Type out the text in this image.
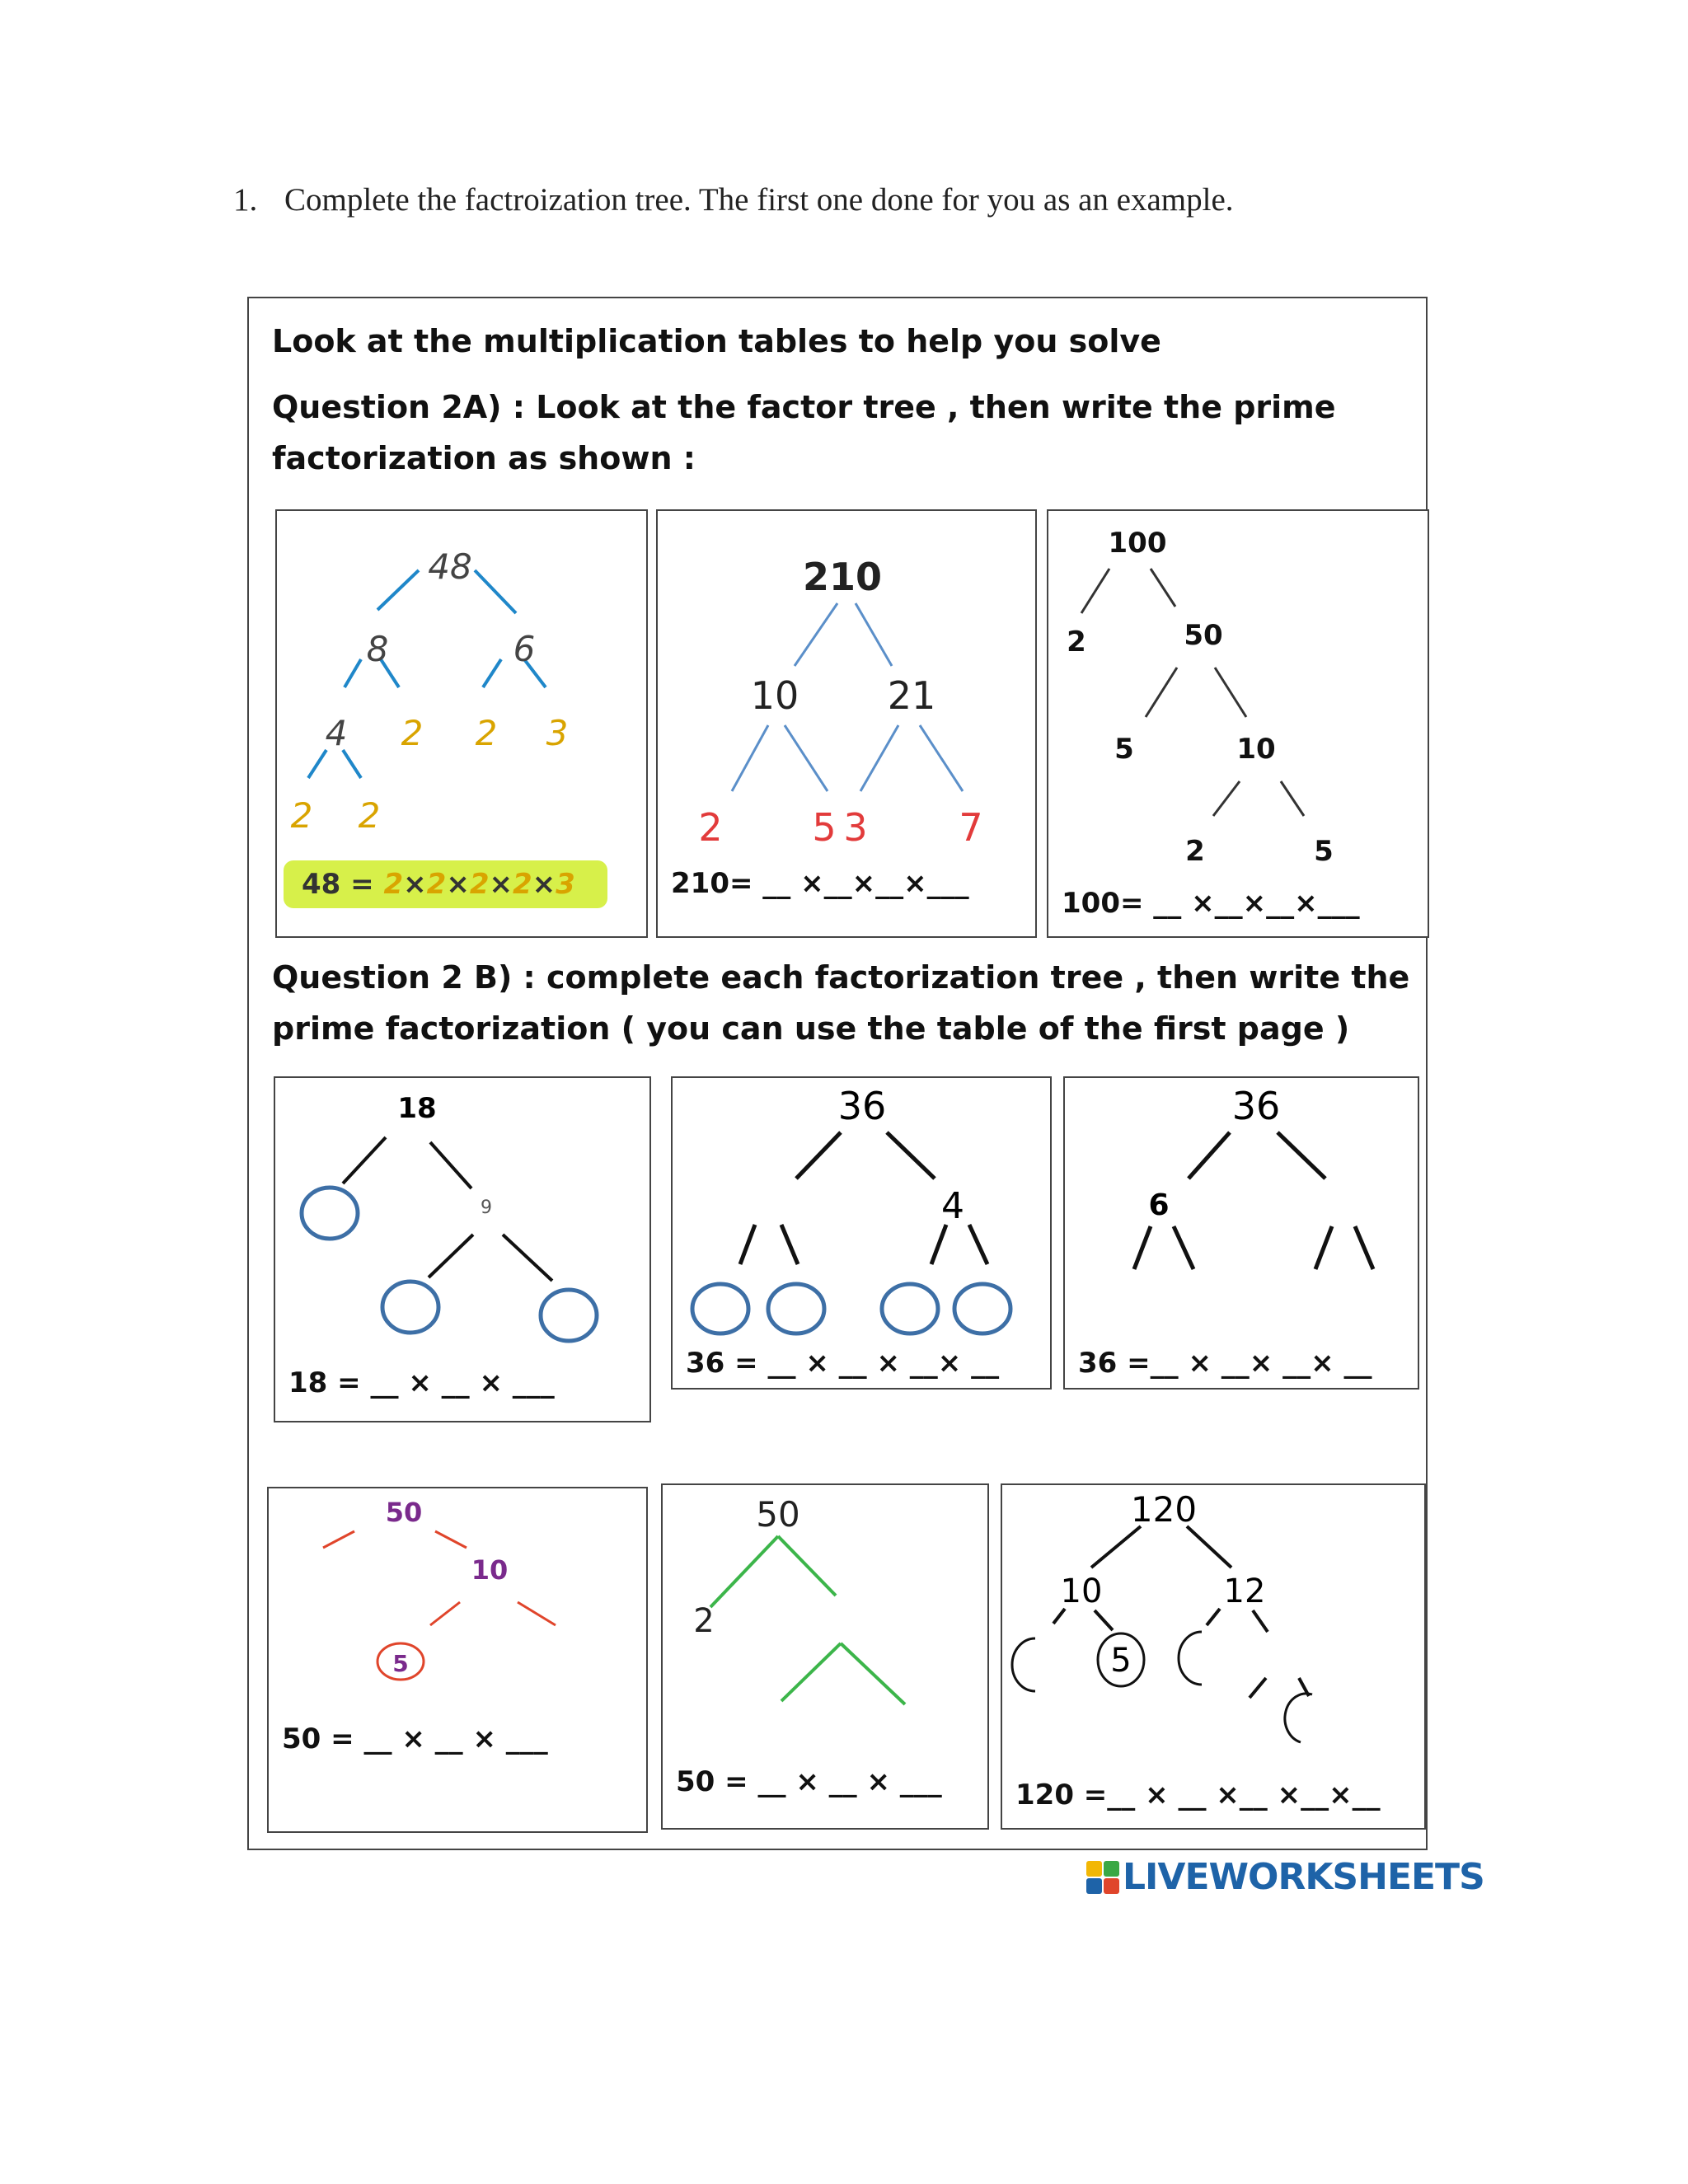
1. Complete the factroization tree. The first one done for you as an example.
Look at the multiplication tables to help you solve
Question 2A) : Look at the factor tree , then write the prime
factorization as shown :
48
8	6
4 2 2 3
2 2
48 = 2×2×2×2×3
210
10 21
2 5 3 7
210= __ ×__×__×___
100
2	50
5	10
2	5
100= __ ×__×__×___
Question 2 B) : complete each factorization tree , then write the
prime factorization ( you can use the table of the first page )
18
9
18 = __ × __ × ___
36
4
36 = __ × __ × __× __
36
6
36 =__ × __× __× __
50
10
5
50 = __ × __ × ___
50
2
50 = __ × __ × ___
120
10	12
5
120 =__ × __ ×__ ×__×__
LIVEWORKSHEETS
